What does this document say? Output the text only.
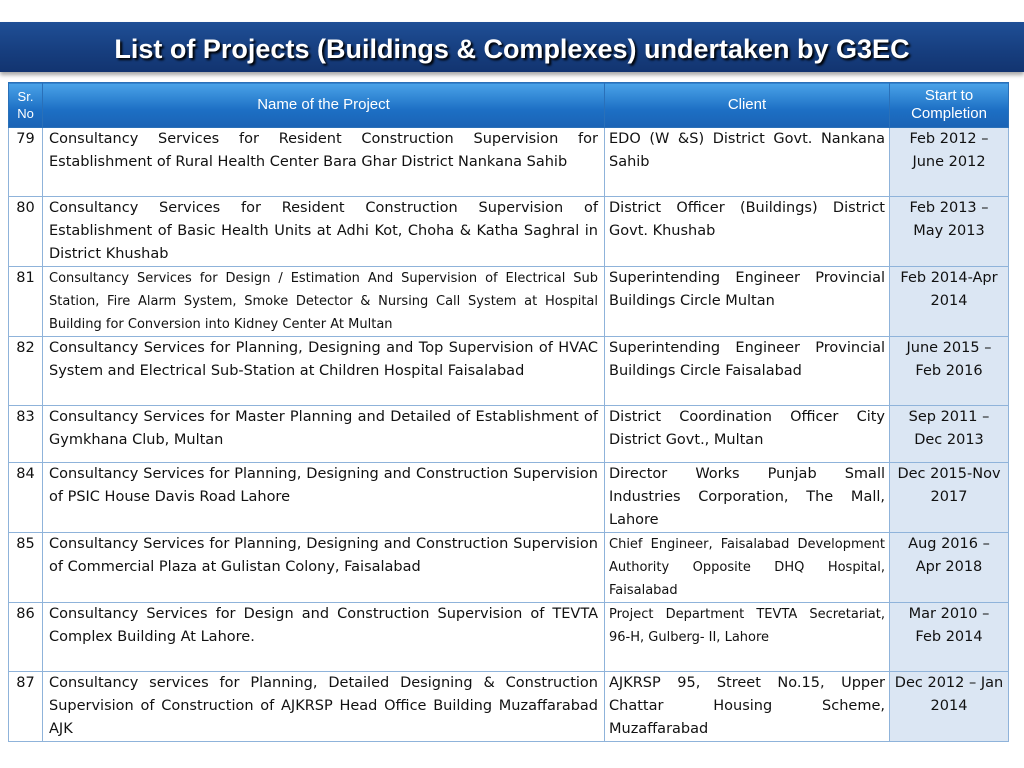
List of Projects (Buildings & Complexes) undertaken by G3EC
Sr. No	Name of the Project	Client	Start to Completion
79	Consultancy Services for Resident Construction Supervision for Establishment of Rural Health Center Bara Ghar District Nankana Sahib	EDO (W &S) District Govt. Nankana Sahib	Feb 2012 – June 2012
80	Consultancy Services for Resident Construction Supervision of Establishment of Basic Health Units at Adhi Kot, Choha & Katha Saghral in District Khushab	District Officer (Buildings) District Govt. Khushab	Feb 2013 – May 2013
81	Consultancy Services for Design / Estimation And Supervision of Electrical Sub Station, Fire Alarm System, Smoke Detector & Nursing Call System at Hospital Building for Conversion into Kidney Center At Multan	Superintending Engineer Provincial Buildings Circle Multan	Feb 2014-Apr 2014
82	Consultancy Services for Planning, Designing and Top Supervision of HVAC System and Electrical Sub-Station at Children Hospital Faisalabad	Superintending Engineer Provincial Buildings Circle Faisalabad	June 2015 – Feb 2016
83	Consultancy Services for Master Planning and Detailed of Establishment of Gymkhana Club, Multan	District Coordination Officer City District Govt., Multan	Sep 2011 – Dec 2013
84	Consultancy Services for Planning, Designing and Construction Supervision of PSIC House Davis Road Lahore	Director Works Punjab Small Industries Corporation, The Mall, Lahore	Dec 2015-Nov 2017
85	Consultancy Services for Planning, Designing and Construction Supervision of Commercial Plaza at Gulistan Colony, Faisalabad	Chief Engineer, Faisalabad Development Authority Opposite DHQ Hospital, Faisalabad	Aug 2016 – Apr 2018
86	Consultancy Services for Design and Construction Supervision of TEVTA Complex Building At Lahore.	Project Department TEVTA Secretariat, 96-H, Gulberg- II, Lahore	Mar 2010 – Feb 2014
87	Consultancy services for Planning, Detailed Designing & Construction Supervision of Construction of AJKRSP Head Office Building Muzaffarabad AJK	AJKRSP 95, Street No.15, Upper Chattar Housing Scheme, Muzaffarabad	Dec 2012 – Jan 2014
